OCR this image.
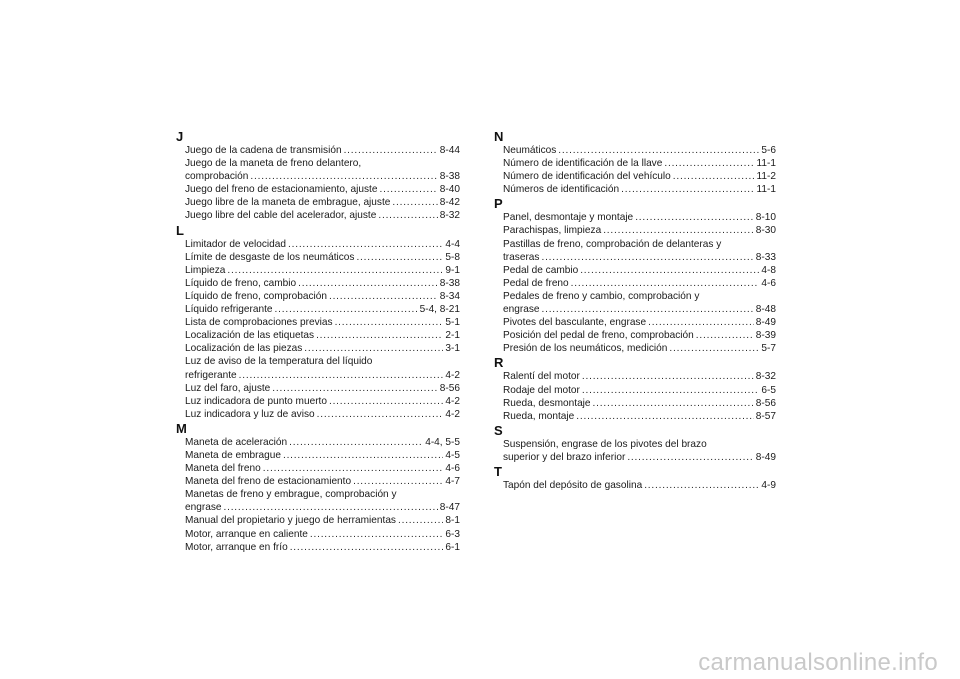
J
Juego de la cadena de transmisión .....	8-44
Juego de la maneta de freno delantero,
comprobación .....	8-38
Juego del freno de estacionamiento, ajuste .....	8-40
Juego libre de la maneta de embrague, ajuste .....	8-42
Juego libre del cable del acelerador, ajuste .....	8-32
L
Limitador de velocidad .....	4-4
Límite de desgaste de los neumáticos .....	5-8
Limpieza .....	9-1
Líquido de freno, cambio .....	8-38
Líquido de freno, comprobación .....	8-34
Líquido refrigerante .....	5-4, 8-21
Lista de comprobaciones previas .....	5-1
Localización de las etiquetas .....	2-1
Localización de las piezas .....	3-1
Luz de aviso de la temperatura del líquido
refrigerante .....	4-2
Luz del faro, ajuste .....	8-56
Luz indicadora de punto muerto .....	4-2
Luz indicadora y luz de aviso .....	4-2
M
Maneta de aceleración .....	4-4, 5-5
Maneta de embrague .....	4-5
Maneta del freno .....	4-6
Maneta del freno de estacionamiento .....	4-7
Manetas de freno y embrague, comprobación y
engrase .....	8-47
Manual del propietario y juego de herramientas .....	8-1
Motor, arranque en caliente .....	6-3
Motor, arranque en frío .....	6-1
N
Neumáticos .....	5-6
Número de identificación de la llave .....	11-1
Número de identificación del vehículo .....	11-2
Números de identificación .....	11-1
P
Panel, desmontaje y montaje .....	8-10
Parachispas, limpieza .....	8-30
Pastillas de freno, comprobación de delanteras y
traseras .....	8-33
Pedal de cambio .....	4-8
Pedal de freno .....	4-6
Pedales de freno y cambio, comprobación y
engrase .....	8-48
Pivotes del basculante, engrase .....	8-49
Posición del pedal de freno, comprobación .....	8-39
Presión de los neumáticos, medición .....	5-7
R
Ralentí del motor .....	8-32
Rodaje del motor .....	6-5
Rueda, desmontaje .....	8-56
Rueda, montaje .....	8-57
S
Suspensión, engrase de los pivotes del brazo
superior y del brazo inferior .....	8-49
T
Tapón del depósito de gasolina .....	4-9
carmanualsonline.info
